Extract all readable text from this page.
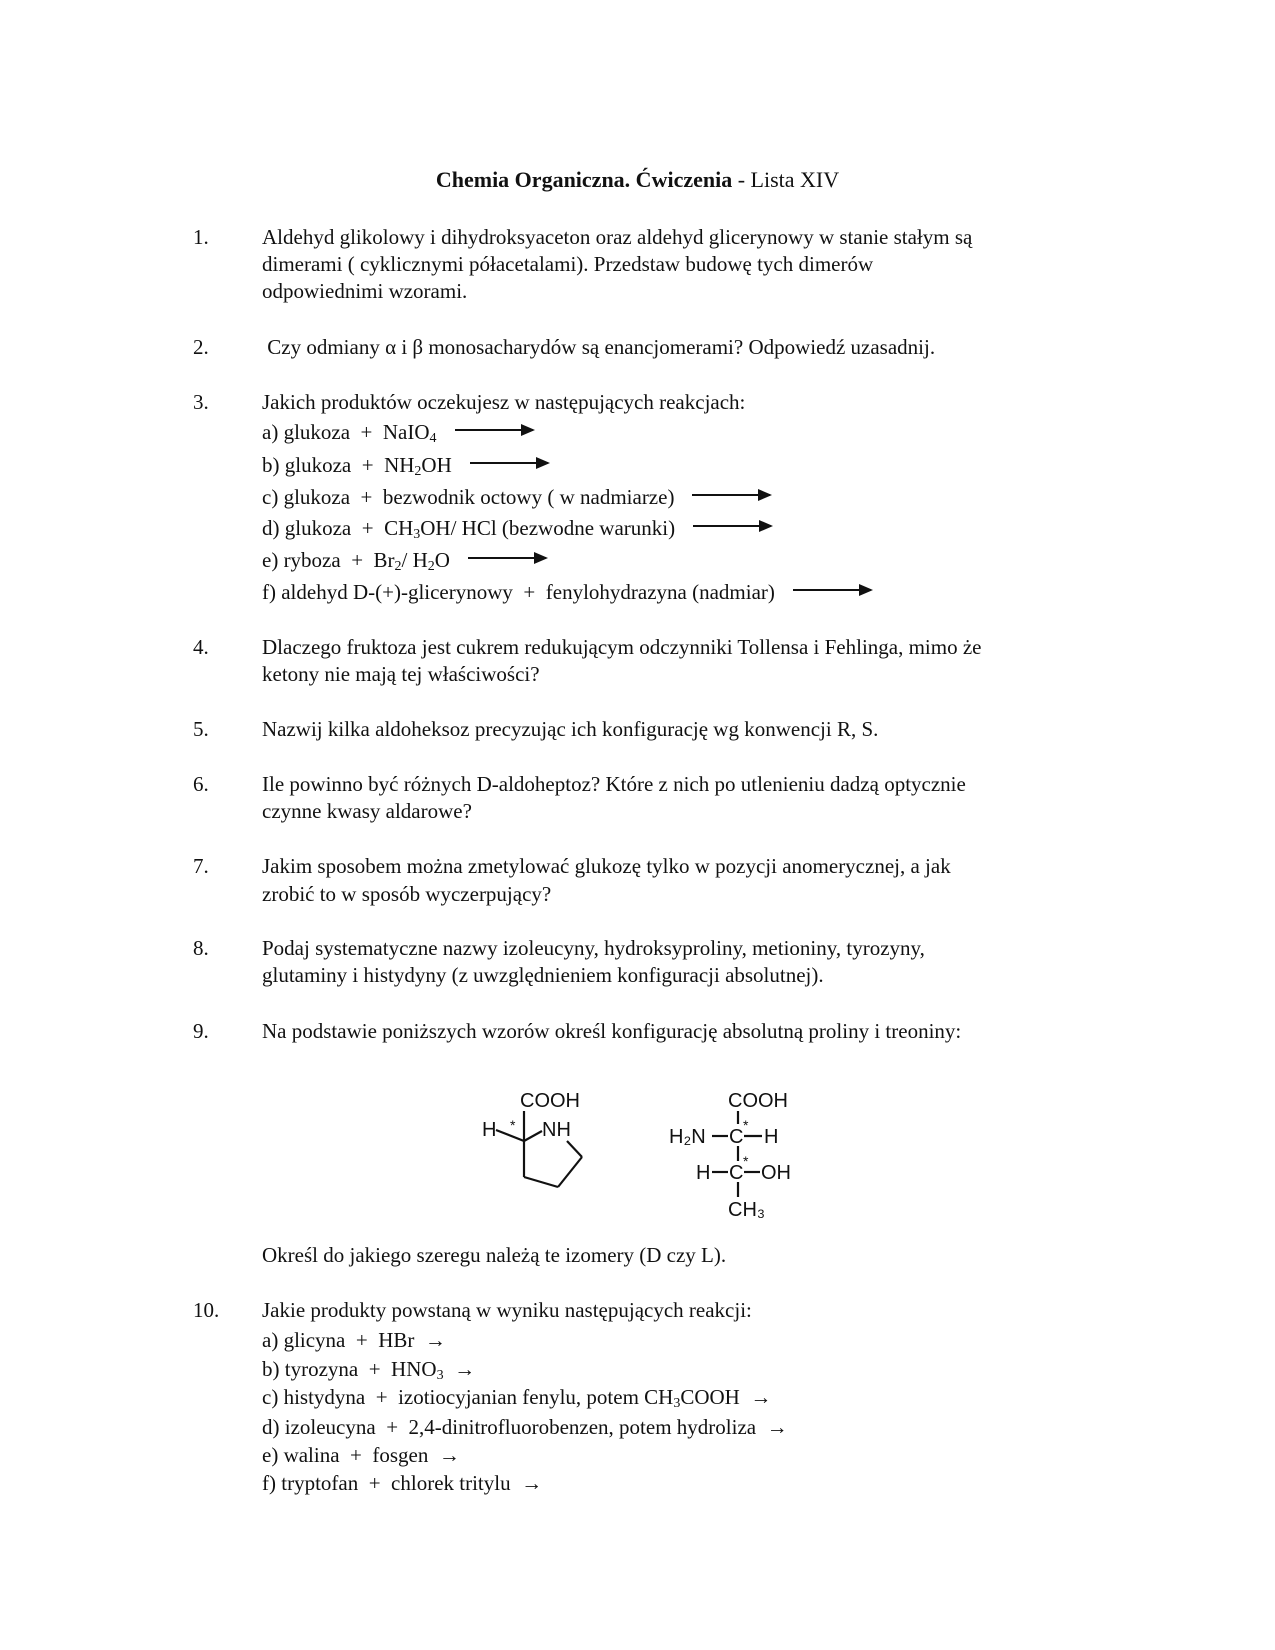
Chemia Organiczna. Ćwiczenia - Lista XIV
1.	Aldehyd glikolowy i dihydroksyaceton oraz aldehyd glicerynowy w stanie stałym są
dimerami ( cyklicznymi półacetalami). Przedstaw budowę tych dimerów
odpowiednimi wzorami.
2.	Czy odmiany α i β monosacharydów są enancjomerami? Odpowiedź uzasadnij.
3.	Jakich produktów oczekujesz w następujących reakcjach:
a) glukoza  +  NaIO$_4$
b) glukoza  +  $NH_2OH$ →
c) glukoza  +  bezwodnik octowy ( w nadmiarze) →
d) glukoza  +  $CH_3OH/$ HCl (bezwodne warunki) →
e) ryboza  +  $Br_2/$ $H_2O$ →
f) aldehyd D-(+)-glicerynowy  +  fenylohydrazyna (nadmiar) →
4.	Dlaczego fruktoza jest cukrem redukującym odczynniki Tollensa i Fehlinga, mimo że
ketony nie mają tej właściwości?
5.	Nazwij kilka aldoheksoz precyzując ich konfigurację wg konwencji R, S.
6.	Ile powinno być różnych D-aldoheptoz? Które z nich po utlenieniu dadzą optycznie
czynne kwasy aldarowe?
7.	Jakim sposobem można zmetylować glukozę tylko w pozycji anomerycznej, a jak
zrobić to w sposób wyczerpujący?
8.	Podaj systematyczne nazwy izoleucyny, hydroksyproliny, metioniny, tyrozyny,
glutaminy i histydyny (z uwzględnieniem konfiguracji absolutnej).
9.	Na podstawie poniższych wzorów określ konfigurację absolutną proliny i treoniny:
COOH
H * NH
COOH
H₂N C
*
H
H C
*
OH
CH₃
Określ do jakiego szeregu należą te izomery (D czy L).
10. Jakie produkty powstaną w wyniku następujących reakcji:
a) glicyna  +  HBr  →
b) tyrozyna  +  $HNO_3$  →
c) histydyna  +  izotiocyjanian fenylu, potem $CH_3COOH$  →
d) izoleucyna  +  2,4-dinitrofluorobenzen, potem hydroliza  →
e) walina  +  fosgen  →
f) tryptofan  +  chlorek tritylu  →
